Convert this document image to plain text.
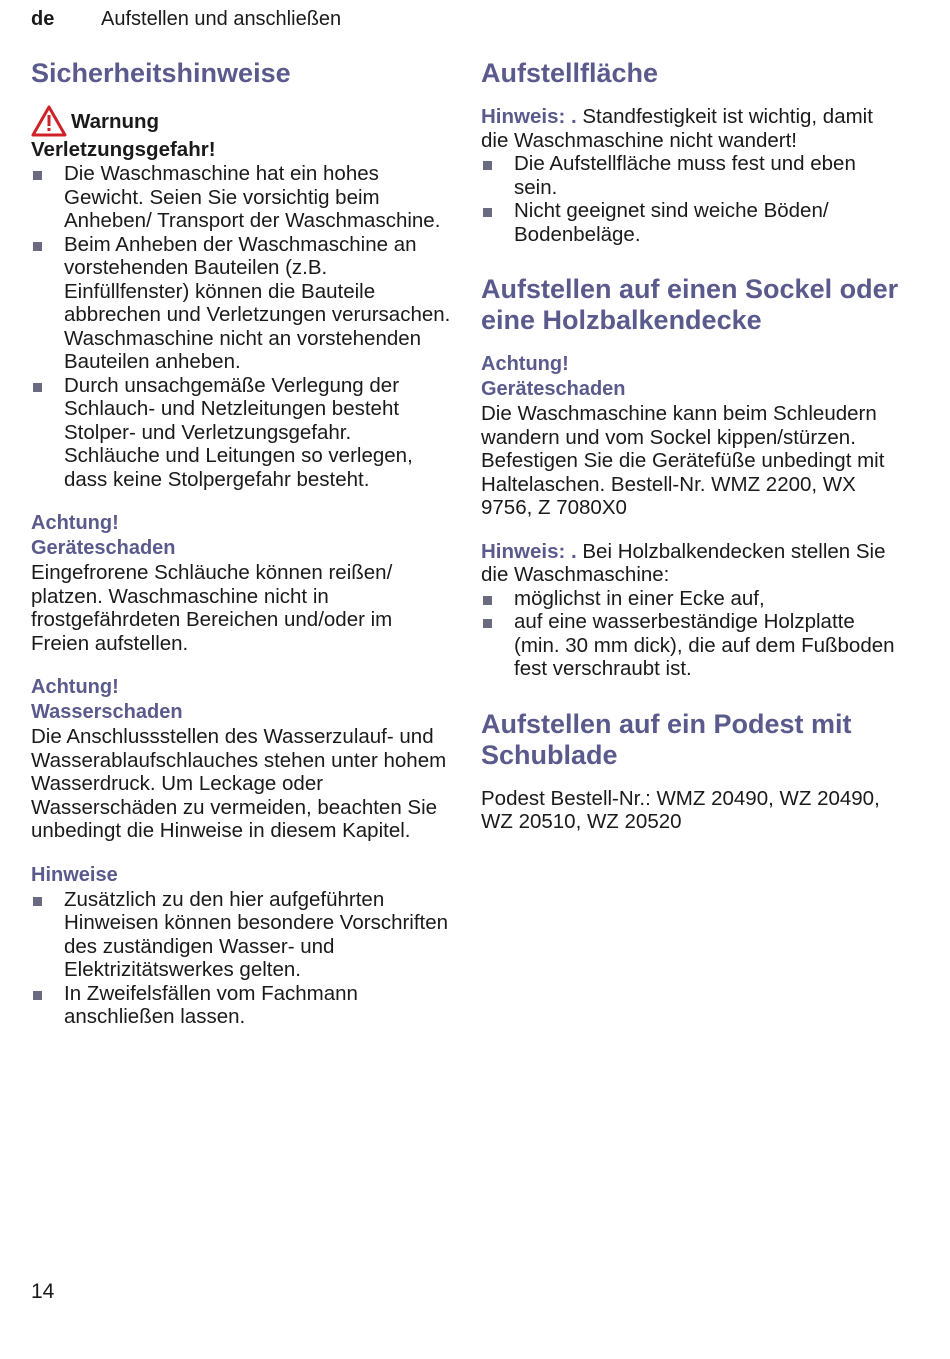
de Aufstellen und anschließen
Sicherheitshinweise
Warnung

Verletzungsgefahr!

Die Waschmaschine hat ein hohes Gewicht. Seien Sie vorsichtig beim Anheben/ Transport der Waschmaschine.
Beim Anheben der Waschmaschine an vorstehenden Bauteilen (z.B. Einfüllfenster) können die Bauteile abbrechen und Verletzungen verursachen. Waschmaschine nicht an vorstehenden Bauteilen anheben.
Durch unsachgemäße Verlegung der Schlauch- und Netzleitungen besteht Stolper- und Verletzungsgefahr. Schläuche und Leitungen so verlegen, dass keine Stolpergefahr besteht.

Achtung!

Geräteschaden

Eingefrorene Schläuche können reißen/ platzen. Waschmaschine nicht in frostgefährdeten Bereichen und/oder im Freien aufstellen.

Achtung!

Wasserschaden

Die Anschlussstellen des Wasserzulauf- und Wasserablaufschlauches stehen unter hohem Wasserdruck. Um Leckage oder Wasserschäden zu vermeiden, beachten Sie unbedingt die Hinweise in diesem Kapitel.

Hinweise

Zusätzlich zu den hier aufgeführten Hinweisen können besondere Vorschriften des zuständigen Wasser- und Elektrizitätswerkes gelten.
In Zweifelsfällen vom Fachmann anschließen lassen.
Aufstellfläche

Hinweis: . Standfestigkeit ist wichtig, damit die Waschmaschine nicht wandert!

Die Aufstellfläche muss fest und eben sein.
Nicht geeignet sind weiche Böden/ Bodenbeläge.
Aufstellen auf einen Sockel oder eine Holzbalkendecke

Achtung!

Geräteschaden

Die Waschmaschine kann beim Schleudern wandern und vom Sockel kippen/stürzen. Befestigen Sie die Gerätefüße unbedingt mit Haltelaschen. Bestell-Nr. WMZ 2200, WX 9756, Z 7080X0

Hinweis: . Bei Holzbalkendecken stellen Sie die Waschmaschine:

möglichst in einer Ecke auf,
auf eine wasserbeständige Holzplatte (min. 30 mm dick), die auf dem Fußboden fest verschraubt ist.
Aufstellen auf ein Podest mit Schublade

Podest Bestell-Nr.: WMZ 20490, WZ 20490, WZ 20510, WZ 20520

14
